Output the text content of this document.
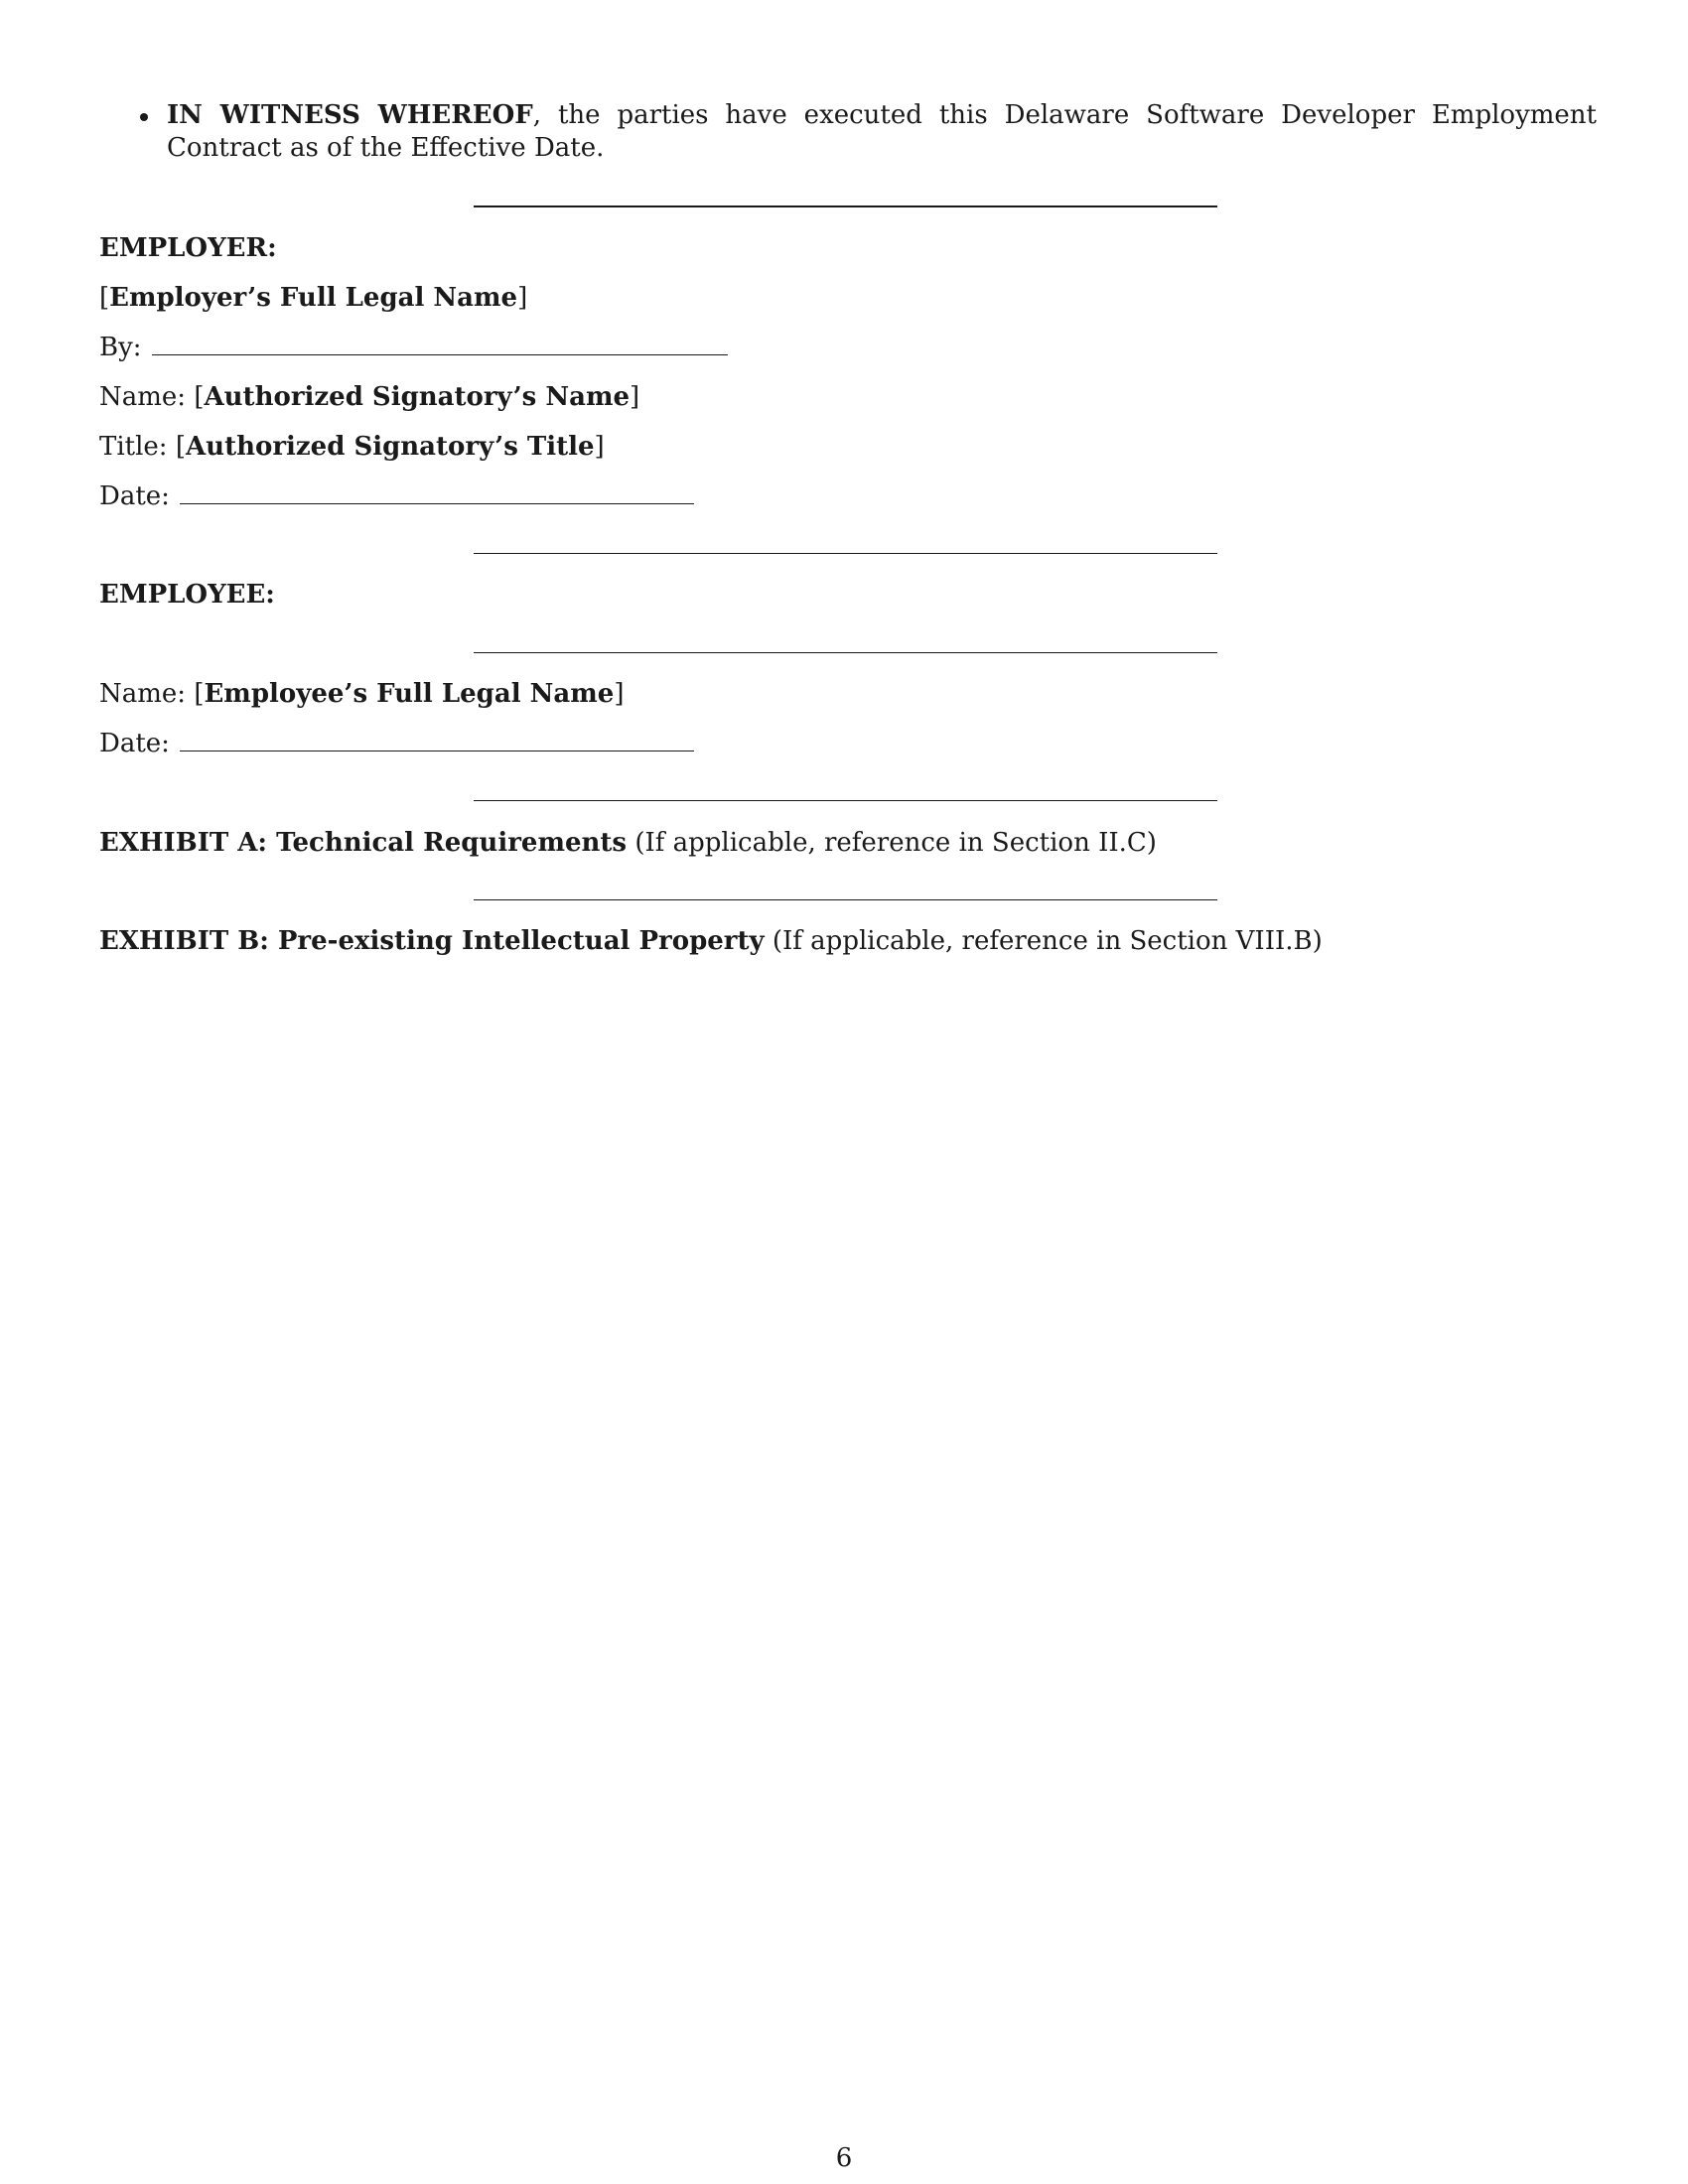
IN WITNESS WHEREOF, the parties have executed this Delaware Software Developer Employment Contract as of the Effective Date.
EMPLOYER:
[Employer’s Full Legal Name]
By:
Name: [Authorized Signatory’s Name]
Title: [Authorized Signatory’s Title]
Date:
EMPLOYEE:
Name: [Employee’s Full Legal Name]
Date:
EXHIBIT A: Technical Requirements (If applicable, reference in Section II.C)
EXHIBIT B: Pre-existing Intellectual Property (If applicable, reference in Section VIII.B)
6
